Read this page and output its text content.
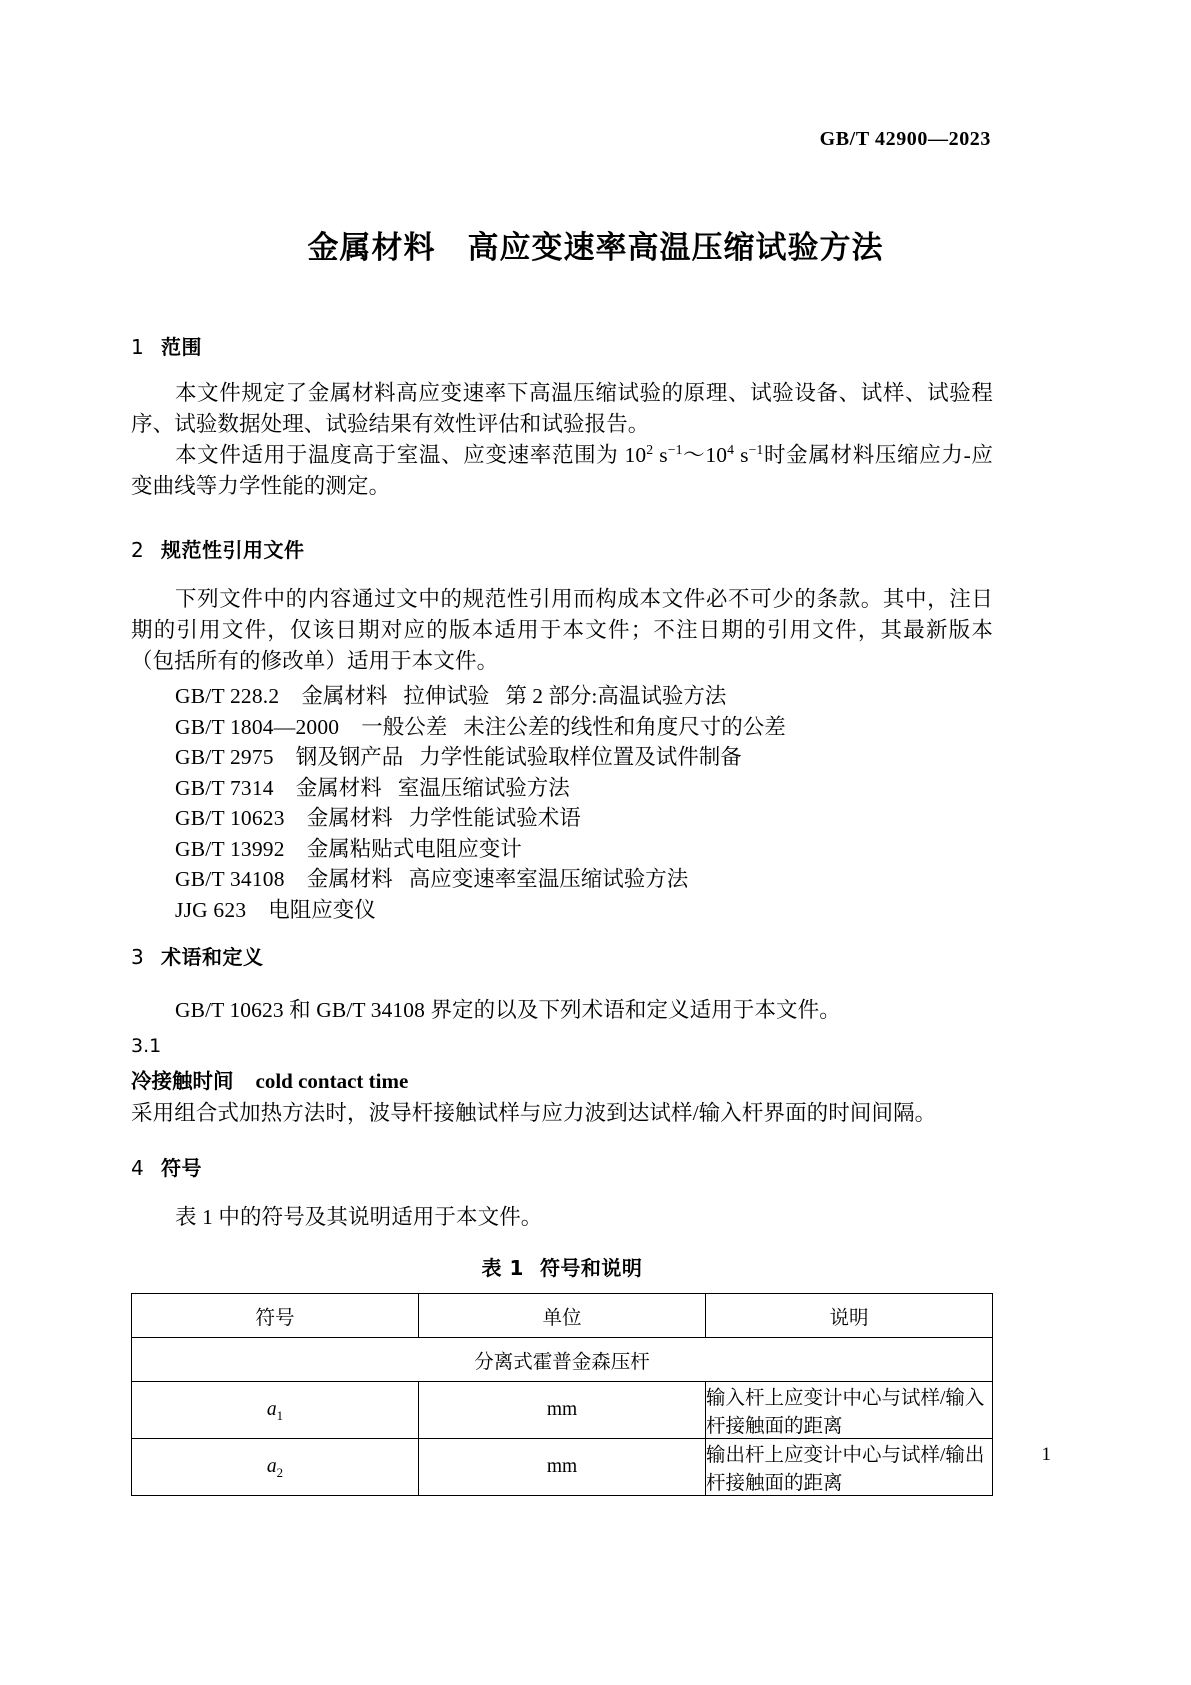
GB/T 42900—2023
金属材料　高应变速率高温压缩试验方法
1 范围

本文件规定了金属材料高应变速率下高温压缩试验的原理、试验设备、试样、试验程序、试验数据处理、试验结果有效性评估和试验报告。

本文件适用于温度高于室温、应变速率范围为 $10^2$ $s^{-1}\sim 10^4$ $s^{-1}$时金属材料压缩应力-应变曲线等力学性能的测定。

2 规范性引用文件

下列文件中的内容通过文中的规范性引用而构成本文件必不可少的条款。其中，注日期的引用文件，仅该日期对应的版本适用于本文件；不注日期的引用文件，其最新版本（包括所有的修改单）适用于本文件。

GB/T 228.2 金属材料 拉伸试验 第 2 部分:高温试验方法
GB/T 1804—2000 一般公差 未注公差的线性和角度尺寸的公差
GB/T 2975 钢及钢产品 力学性能试验取样位置及试件制备
GB/T 7314 金属材料 室温压缩试验方法
GB/T 10623 金属材料 力学性能试验术语
GB/T 13992 金属粘贴式电阻应变计
GB/T 34108 金属材料 高应变速率室温压缩试验方法
JJG 623 电阻应变仪
3 术语和定义

GB/T 10623 和 GB/T 34108 界定的以及下列术语和定义适用于本文件。

3.1
冷接触时间 cold contact time

采用组合式加热方法时，波导杆接触试样与应力波到达试样/输入杆界面的时间间隔。

4 符号

表 1 中的符号及其说明适用于本文件。

表 1 符号和说明
符号	单位	说明
分离式霍普金森压杆		
$a_1$	mm	输入杆上应变计中心与试样/输入杆接触面的距离
$a_2$	mm	输出杆上应变计中心与试样/输出杆接触面的距离
1
